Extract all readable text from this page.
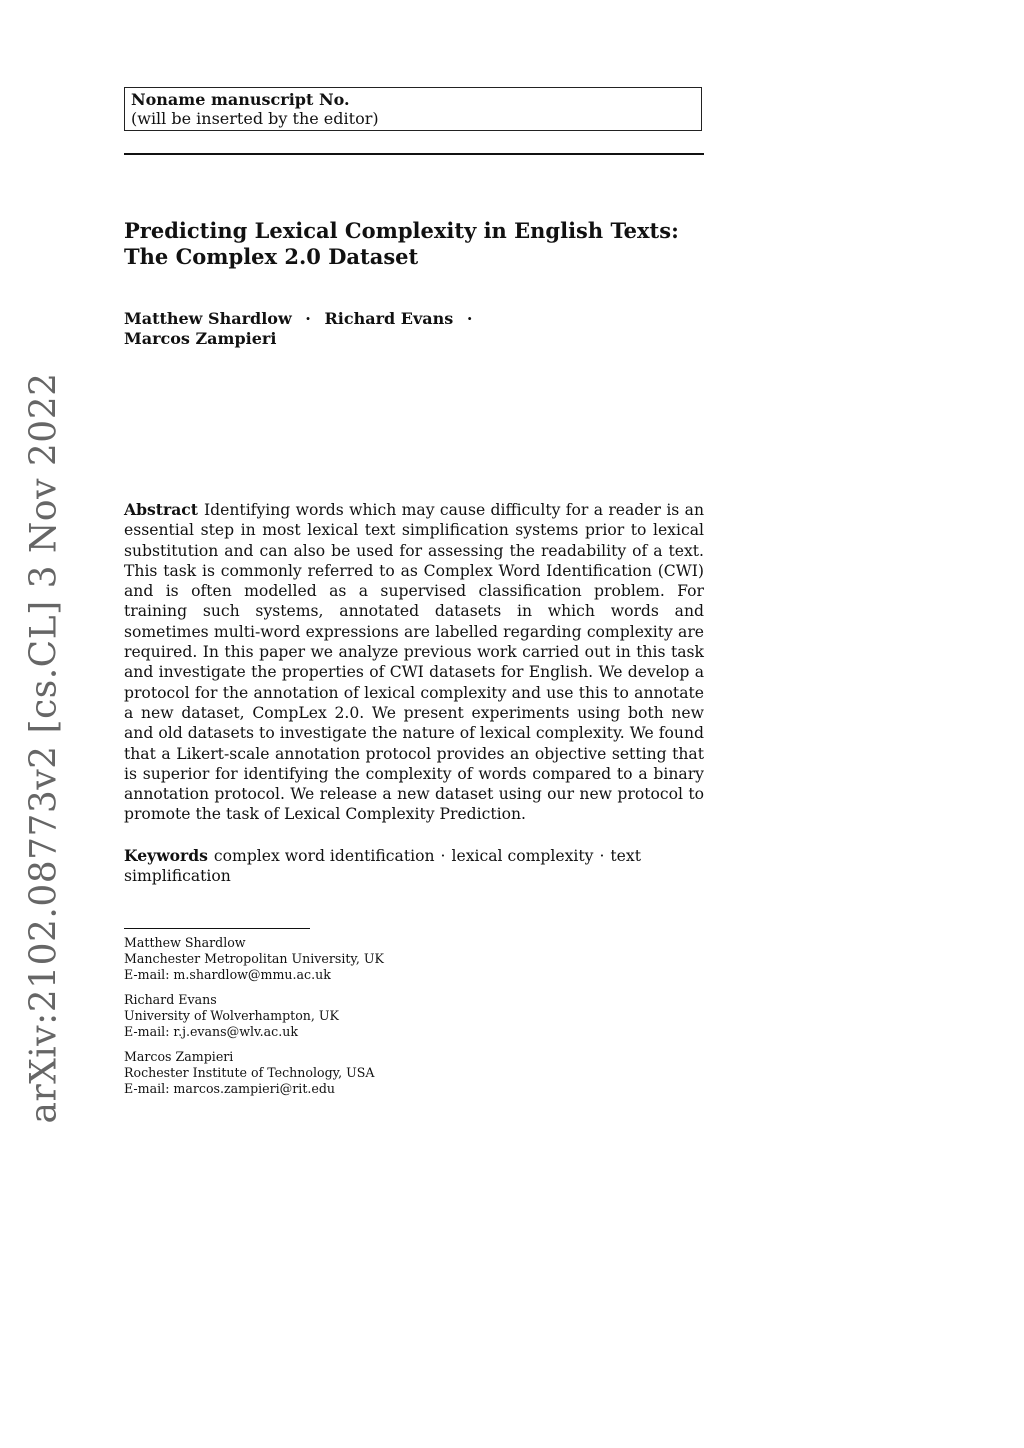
Noname manuscript No.
(will be inserted by the editor)
Predicting Lexical Complexity in English Texts: The Complex 2.0 Dataset
Matthew Shardlow · Richard Evans ·
Marcos Zampieri
arXiv:2102.08773v2 [cs.CL] 3 Nov 2022	Abstract Identifying words which may cause difficulty for a reader is an essential step in most lexical text simplification systems prior to lexical substitution and can also be used for assessing the readability of a text. This task is commonly referred to as Complex Word Identification (CWI) and is often modelled as a supervised classification problem. For training such systems, annotated datasets in which words and sometimes multi-word expressions are labelled regarding complexity are required. In this paper we analyze previous work carried out in this task and investigate the properties of CWI datasets for English. We develop a protocol for the annotation of lexical complexity and use this to annotate a new dataset, CompLex 2.0. We present experiments using both new and old datasets to investigate the nature of lexical complexity. We found that a Likert-scale annotation protocol provides an objective setting that is superior for identifying the complexity of words compared to a binary annotation protocol. We release a new dataset using our new protocol to promote the task of Lexical Complexity Prediction.

Keywords complex word identification · lexical complexity · text simplification

Matthew Shardlow
Manchester Metropolitan University, UK
E-mail: m.shardlow@mmu.ac.uk
Richard Evans
University of Wolverhampton, UK
E-mail: r.j.evans@wlv.ac.uk
Marcos Zampieri
Rochester Institute of Technology, USA
E-mail: marcos.zampieri@rit.edu
